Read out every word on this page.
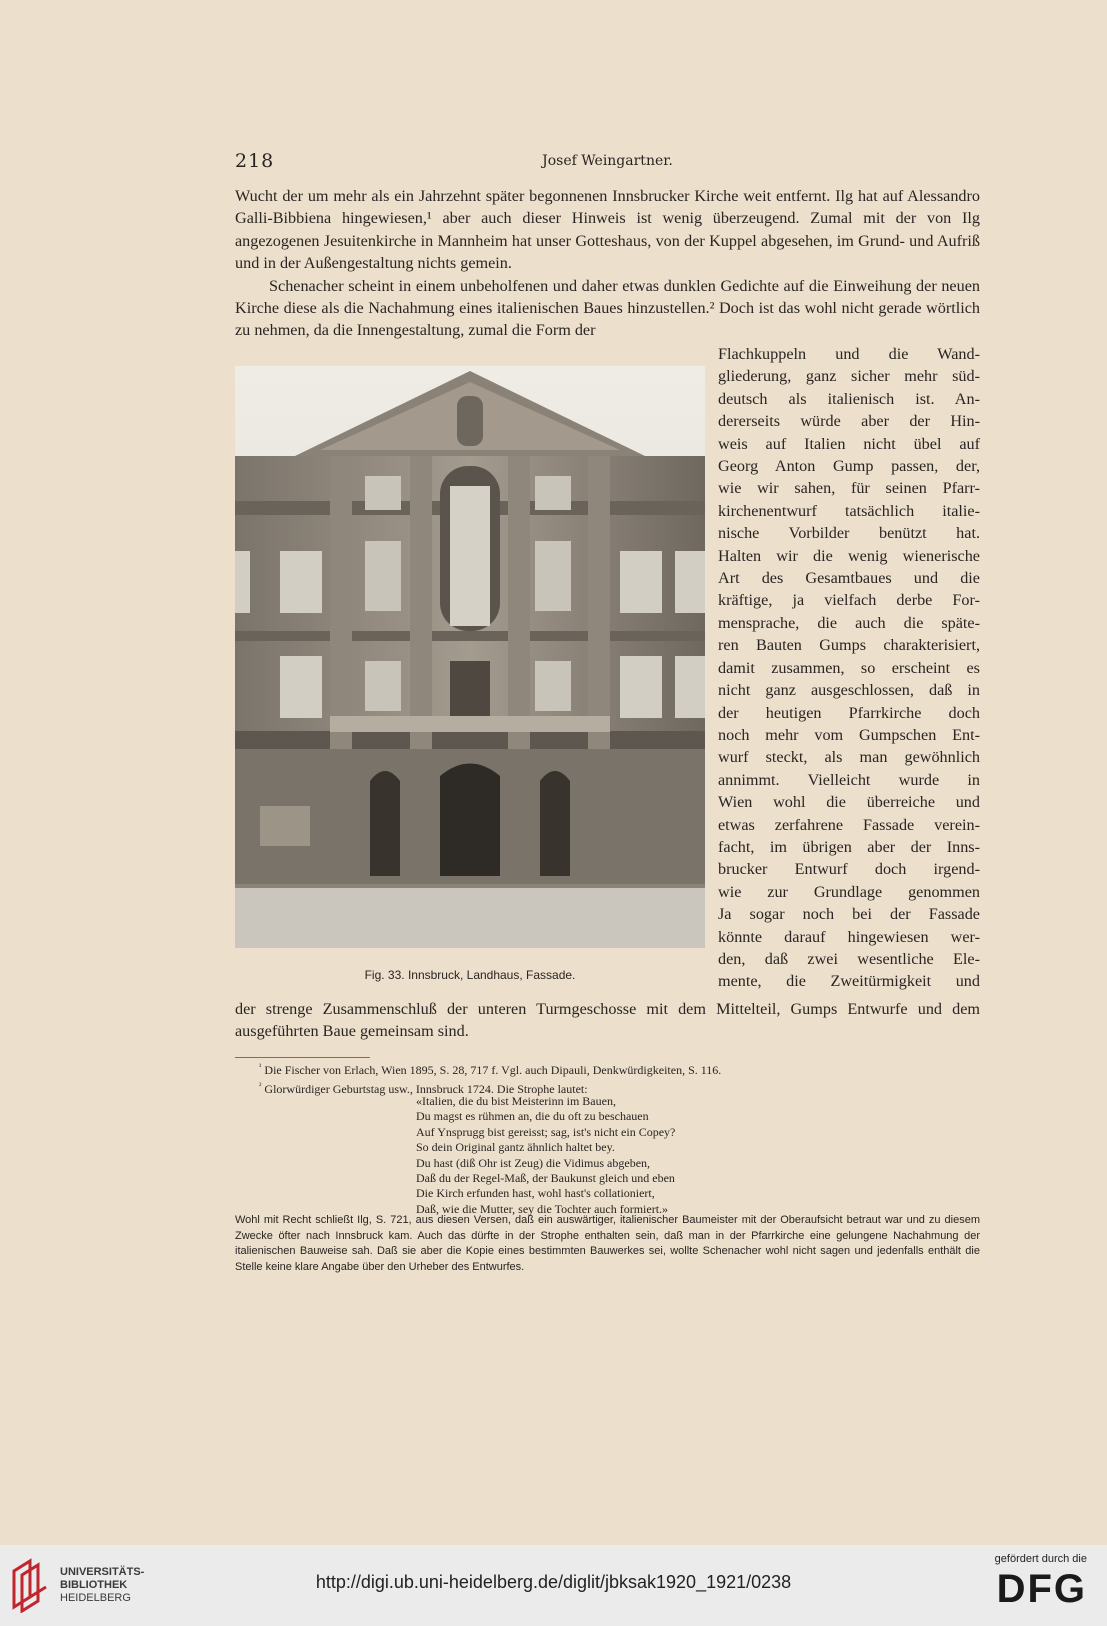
218	Josef Weingartner.

Wucht der um mehr als ein Jahrzehnt später begonnenen Innsbrucker Kirche weit entfernt. Ilg hat auf Alessandro Galli-Bibbiena hingewiesen,¹ aber auch dieser Hinweis ist wenig überzeugend. Zumal mit der von Ilg angezogenen Jesuitenkirche in Mannheim hat unser Gotteshaus, von der Kuppel abgesehen, im Grund- und Aufriß und in der Außengestaltung nichts gemein.

Schenacher scheint in einem unbeholfenen und daher etwas dunklen Gedichte auf die Einweihung der neuen Kirche diese als die Nachahmung eines italienischen Baues hinzustellen.² Doch ist das wohl nicht gerade wörtlich zu nehmen, da die Innengestaltung, zumal die Form der

Fig. 33. Innsbruck, Landhaus, Fassade.
Flachkuppeln und die Wand-
gliederung, ganz sicher mehr süd-
deutsch als italienisch ist. An-
dererseits würde aber der Hin-
weis auf Italien nicht übel auf
Georg Anton Gump passen, der,
wie wir sahen, für seinen Pfarr-
kirchenentwurf tatsächlich italie-
nische Vorbilder benützt hat.
Halten wir die wenig wienerische
Art des Gesamtbaues und die
kräftige, ja vielfach derbe For-
mensprache, die auch die späte-
ren Bauten Gumps charakterisiert,
damit zusammen, so erscheint es
nicht ganz ausgeschlossen, daß in
der heutigen Pfarrkirche doch
noch mehr vom Gumpschen Ent-
wurf steckt, als man gewöhnlich
annimmt. Vielleicht wurde in
Wien wohl die überreiche und
etwas zerfahrene Fassade verein-
facht, im übrigen aber der Inns-
brucker Entwurf doch irgend-
wie zur Grundlage genommen
Ja sogar noch bei der Fassade
könnte darauf hingewiesen wer-
den, daß zwei wesentliche Ele-
mente, die Zweitürmigkeit und

der strenge Zusammenschluß der unteren Turmgeschosse mit dem Mittelteil, Gumps Entwurfe und dem ausgeführten Baue gemeinsam sind.

$^{^1}$ Die Fischer von Erlach, Wien 1895, S. 28, 717 f. Vgl. auch Dipauli, Denkwürdigkeiten, S. 116.
$^{^2}$ Glorwürdiger Geburtstag usw., Innsbruck 1724. Die Strophe lautet:
«Italien, die du bist Meisterinn im Bauen,
Du magst es rühmen an, die du oft zu beschauen
Auf Ynsprugg bist gereisst; sag, ist's nicht ein Copey?
So dein Original gantz ähnlich haltet bey.
Du hast (diß Ohr ist Zeug) die Vidimus abgeben,
Daß du der Regel-Maß, der Baukunst gleich und eben
Die Kirch erfunden hast, wohl hast's collationiert,
Daß, wie die Mutter, sey die Tochter auch formiert.»
Wohl mit Recht schließt Ilg, S. 721, aus diesen Versen, daß ein auswärtiger, italienischer Baumeister mit der Oberaufsicht betraut war und zu diesem Zwecke öfter nach Innsbruck kam. Auch das dürfte in der Strophe enthalten sein, daß man in der Pfarrkirche eine gelungene Nachahmung der italienischen Bauweise sah. Daß sie aber die Kopie eines bestimmten Bauwerkes sei, wollte Schenacher wohl nicht sagen und jedenfalls enthält die Stelle keine klare Angabe über den Urheber des Entwurfes.
UNIVERSITÄTS-
BIBLIOTHEK
HEIDELBERG
http://digi.ub.uni-heidelberg.de/diglit/jbksak1920_1921/0238
gefördert durch die
DFG
